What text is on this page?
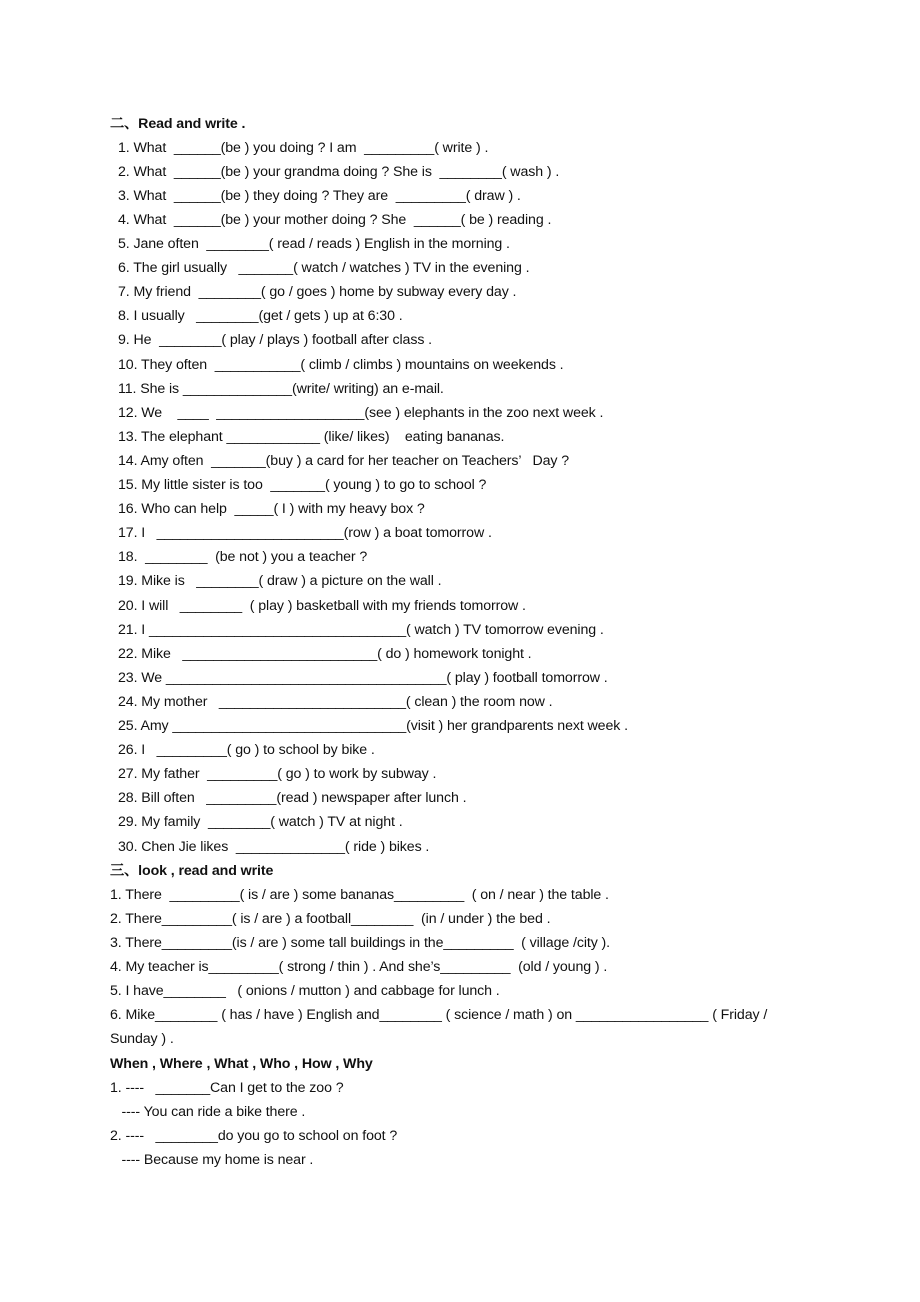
二、Read and write .
1. What  ______(be ) you doing ? I am  _________( write ) .
2. What  ______(be ) your grandma doing ? She is  ________( wash ) .
3. What  ______(be ) they doing ? They are  _________( draw ) .
4. What  ______(be ) your mother doing ? She  ______( be ) reading .
5. Jane often  ________( read / reads ) English in the morning .
6. The girl usually   _______( watch / watches ) TV in the evening .
7. My friend  ________( go / goes ) home by subway every day .
8. I usually   ________(get / gets ) up at 6:30 .
9. He  ________( play / plays ) football after class .
10. They often  ___________( climb / climbs ) mountains on weekends .
11. She is ______________(write/ writing) an e-mail.
12. We    ____  ___________________(see ) elephants in the zoo next week .
13. The elephant ____________ (like/ likes)    eating bananas.
14. Amy often  _______(buy ) a card for her teacher on Teachers’   Day ?
15. My little sister is too  _______( young ) to go to school ?
16. Who can help  _____( I ) with my heavy box ?
17. I   ________________________(row ) a boat tomorrow .
18.  ________  (be not ) you a teacher ?
19. Mike is   ________( draw ) a picture on the wall .
20. I will   ________  ( play ) basketball with my friends tomorrow .
21. I _________________________________( watch ) TV tomorrow evening .
22. Mike   _________________________( do ) homework tonight .
23. We ____________________________________( play ) football tomorrow .
24. My mother   ________________________( clean ) the room now .
25. Amy ______________________________(visit ) her grandparents next week .
26. I   _________( go ) to school by bike .
27. My father  _________( go ) to work by subway .
28. Bill often   _________(read ) newspaper after lunch .
29. My family  ________( watch ) TV at night .
30. Chen Jie likes  ______________( ride ) bikes .
三、look , read and write
1. There  _________( is / are ) some bananas_________  ( on / near ) the table .
2. There_________( is / are ) a football________  (in / under ) the bed .
3. There_________(is / are ) some tall buildings in the_________  ( village /city ).
4. My teacher is_________( strong / thin ) . And she’s_________  (old / young ) .
5. I have________   ( onions / mutton ) and cabbage for lunch .
6. Mike________ ( has / have ) English and________ ( science / math ) on _________________ ( Friday / Sunday ) .
When , Where , What , Who , How , Why
1. ----   _______Can I get to the zoo ?
---- You can ride a bike there .
2. ----   ________do you go to school on foot ?
---- Because my home is near .
